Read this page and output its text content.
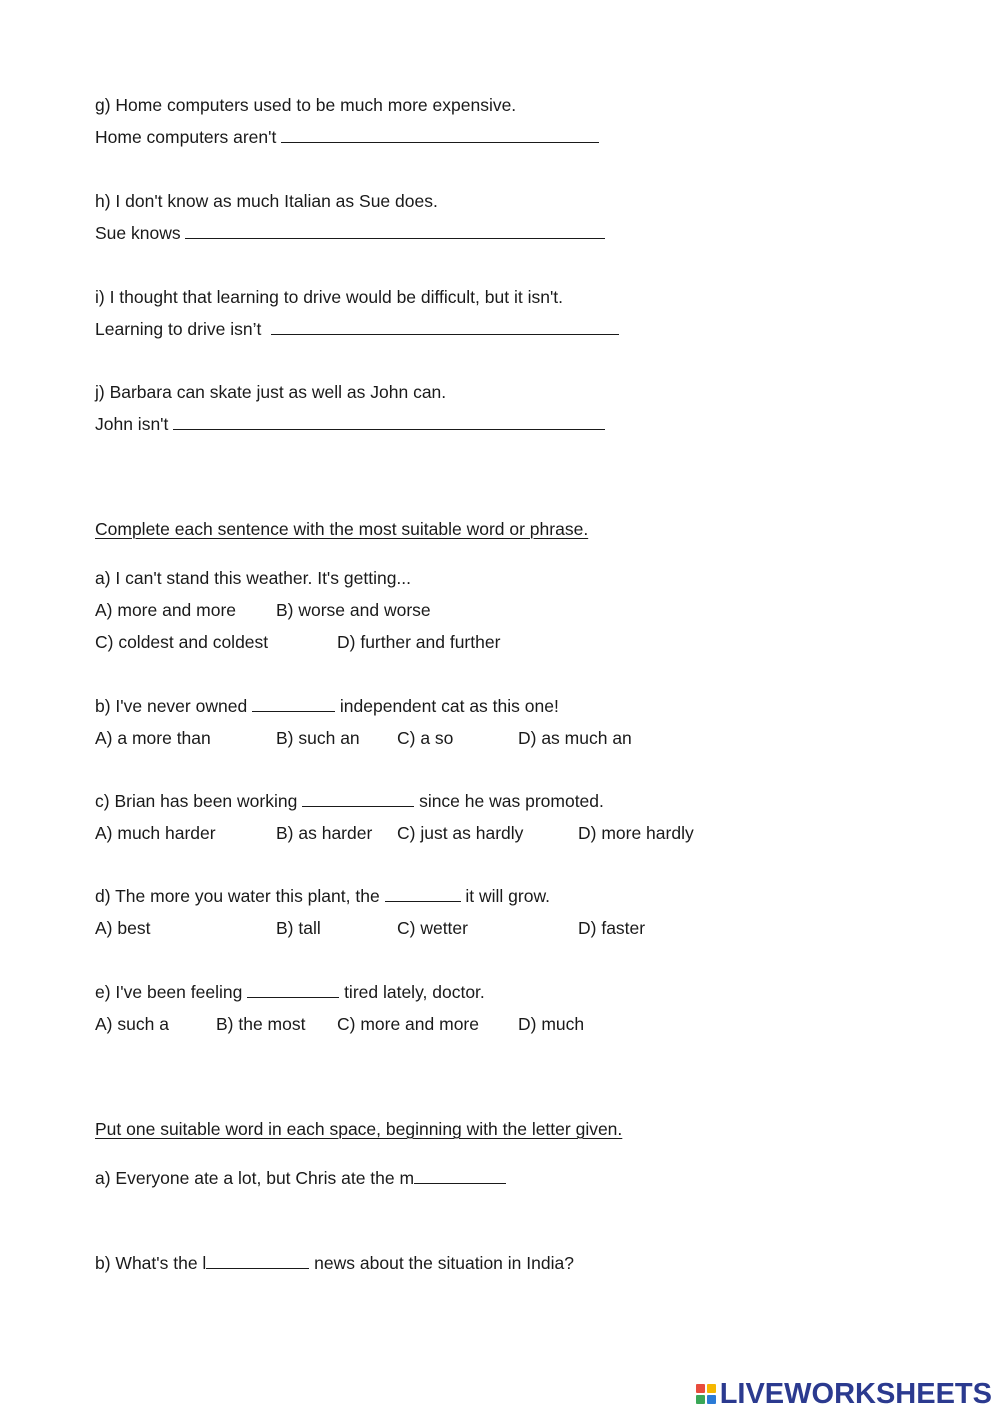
g) Home computers used to be much more expensive.
Home computers aren't
h) I don't know as much Italian as Sue does.
Sue knows
i) I thought that learning to drive would be difficult, but it isn't.
Learning to drive isn’t
j) Barbara can skate just as well as John can.
John isn't
Complete each sentence with the most suitable word or phrase.
a) I can't stand this weather. It's getting...
A) more and more B) worse and worse
C) coldest and coldest	D) further and further
b) I've never owned	independent cat as this one!
A) a more than	B) such an C) a so	D) as much an
c) Brian has been working	since he was promoted.
A) much harder	B) as harder C) just as hardly	D) more hardly
d) The more you water this plant, the	it will grow.
A) best	B) tall	C) wetter	D) faster
e) I've been feeling	tired lately, doctor.
A) such a	B) the most C) more and more D) much
Put one suitable word in each space, beginning with the letter given.
a) Everyone ate a lot, but Chris ate the m
b) What's the l	news about the situation in India?
LIVEWORKSHEETS
